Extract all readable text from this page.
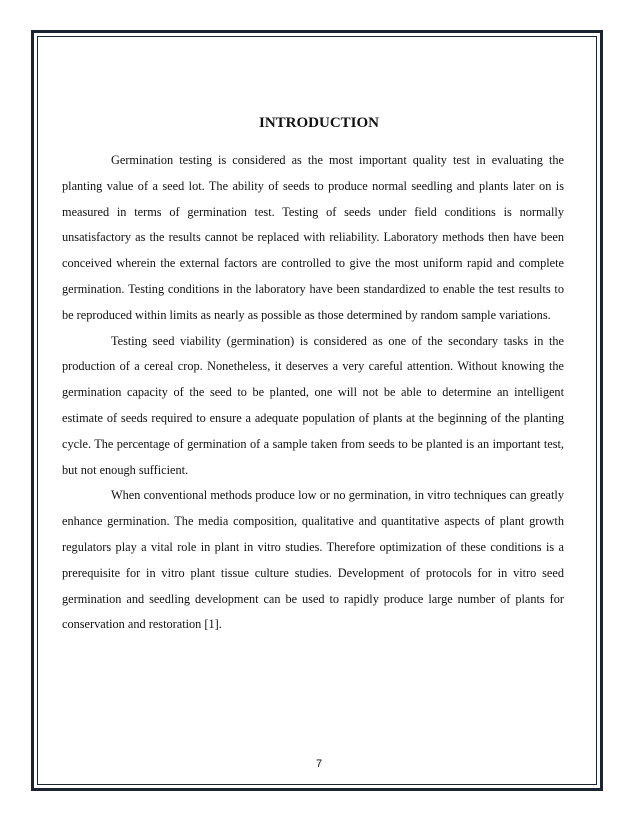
INTRODUCTION

Germination testing is considered as the most important quality test in evaluating the planting value of a seed lot. The ability of seeds to produce normal seedling and plants later on is measured in terms of germination test. Testing of seeds under field conditions is normally unsatisfactory as the results cannot be replaced with reliability. Laboratory methods then have been conceived wherein the external factors are controlled to give the most uniform rapid and complete germination. Testing conditions in the laboratory have been standardized to enable the test results to be reproduced within limits as nearly as possible as those determined by random sample variations.

Testing seed viability (germination) is considered as one of the secondary tasks in the production of a cereal crop. Nonetheless, it deserves a very careful attention. Without knowing the germination capacity of the seed to be planted, one will not be able to determine an intelligent estimate of seeds required to ensure a adequate population of plants at the beginning of the planting cycle. The percentage of germination of a sample taken from seeds to be planted is an important test, but not enough sufficient.

When conventional methods produce low or no germination, in vitro techniques can greatly enhance germination. The media composition, qualitative and quantitative aspects of plant growth regulators play a vital role in plant in vitro studies. Therefore optimization of these conditions is a prerequisite for in vitro plant tissue culture studies. Development of protocols for in vitro seed germination and seedling development can be used to rapidly produce large number of plants for conservation and restoration [1].

7
